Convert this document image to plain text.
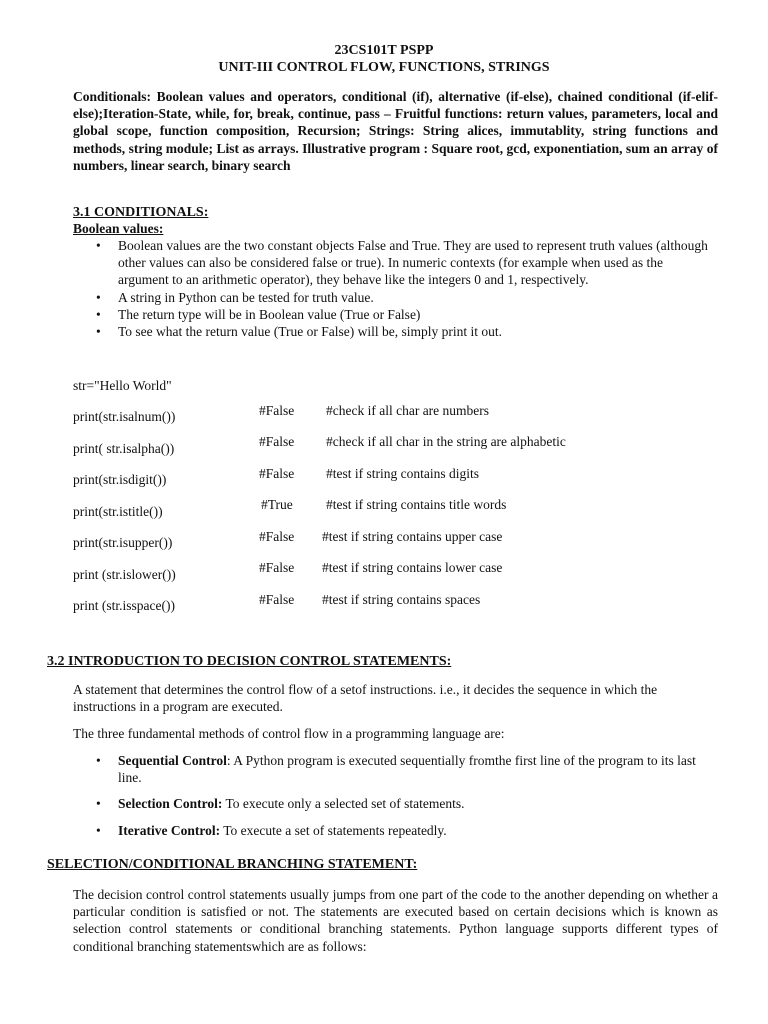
23CS101T PSPP
UNIT-III CONTROL FLOW, FUNCTIONS, STRINGS
Conditionals: Boolean values and operators, conditional (if), alternative (if-else), chained conditional (if-elif-else);Iteration-State, while, for, break, continue, pass – Fruitful functions: return values, parameters, local and global scope, function composition, Recursion; Strings: String alices, immutablity, string functions and methods, string module; List as arrays. Illustrative program : Square root, gcd, exponentiation, sum an array of numbers, linear search, binary search
3.1 CONDITIONALS:
Boolean values:
• Boolean values are the two constant objects False and True. They are used to represent truth values (although other values can also be considered false or true). In numeric contexts (for example when used as the argument to an arithmetic operator), they behave like the integers 0 and 1, respectively.
• A string in Python can be tested for truth value.
• The return type will be in Boolean value (True or False)
• To see what the return value (True or False) will be, simply print it out.
str="Hello World"
print(str.isalnum())	#False #check if all char are numbers
print( str.isalpha())	#False #check if all char in the string are alphabetic
print(str.isdigit())	#False #test if string contains digits
print(str.istitle())	#True #test if string contains title words
print(str.isupper())	#False #test if string contains upper case
print (str.islower())	#False #test if string contains lower case
print (str.isspace())	#False #test if string contains spaces
3.2 INTRODUCTION TO DECISION CONTROL STATEMENTS:
A statement that determines the control flow of a setof instructions. i.e., it decides the sequence in which the instructions in a program are executed.
The three fundamental methods of control flow in a programming language are:
• Sequential Control: A Python program is executed sequentially fromthe first line of the program to its last line.
• Selection Control: To execute only a selected set of statements.
• Iterative Control: To execute a set of statements repeatedly.
SELECTION/CONDITIONAL BRANCHING STATEMENT:
The decision control control statements usually jumps from one part of the code to the another depending on whether a particular condition is satisfied or not. The statements are executed based on certain decisions which is known as selection control statements or conditional branching statements. Python language supports different types of conditional branching statementswhich are as follows:
